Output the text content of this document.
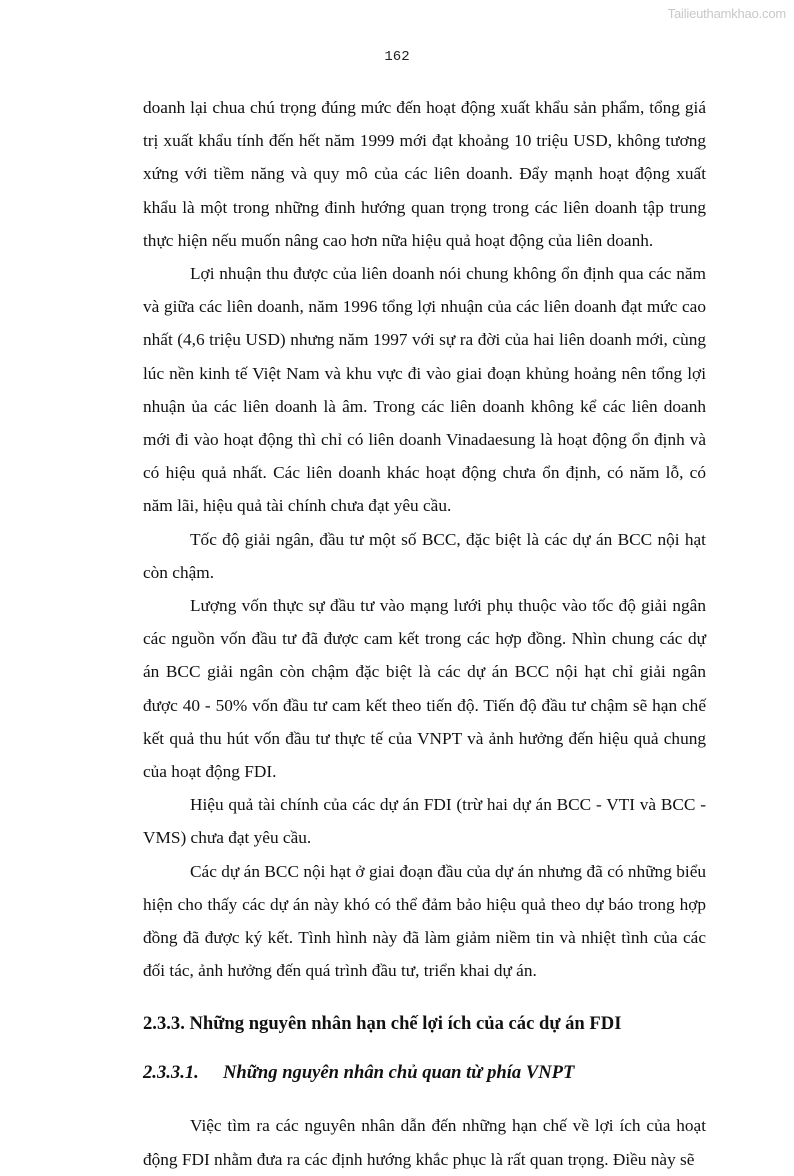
Tailieuthamkhao.com
162

doanh lại chua chú trọng đúng mức đến hoạt động xuất khẩu sản phẩm, tổng giá trị xuất khẩu tính đến hết năm 1999 mới đạt khoảng 10 triệu USD, không tương xứng với tiềm năng và quy mô của các liên doanh. Đẩy mạnh hoạt động xuất khẩu là một trong những đinh hướng quan trọng trong các liên doanh tập trung thực hiện nếu muốn nâng cao hơn nữa hiệu quả hoạt động của liên doanh.

Lợi nhuận thu được của liên doanh nói chung không ổn định qua các năm và giữa các liên doanh, năm 1996 tổng lợi nhuận của các liên doanh đạt mức cao nhất (4,6 triệu USD) nhưng năm 1997 với sự ra đời của hai liên doanh mới, cùng lúc nền kinh tế Việt Nam và khu vực đi vào giai đoạn khủng hoảng nên tổng lợi nhuận ủa các liên doanh là âm. Trong các liên doanh không kể các liên doanh mới đi vào hoạt động thì chỉ có liên doanh Vinadaesung là hoạt động ổn định và có hiệu quả nhất. Các liên doanh khác hoạt động chưa ổn định, có năm lỗ, có năm lãi, hiệu quả tài chính chưa đạt yêu cầu.

Tốc độ giải ngân, đầu tư một số BCC, đặc biệt là các dự án BCC nội hạt còn chậm.

Lượng vốn thực sự đầu tư vào mạng lưới phụ thuộc vào tốc độ giải ngân các nguồn vốn đầu tư đã được cam kết trong các hợp đồng. Nhìn chung các dự án BCC giải ngân còn chậm đặc biệt là các dự án BCC nội hạt chỉ giải ngân được 40 - 50% vốn đầu tư cam kết theo tiến độ. Tiến độ đầu tư chậm sẽ hạn chế kết quả thu hút vốn đầu tư thực tế của VNPT và ảnh hưởng đến hiệu quả chung của hoạt động FDI.

Hiệu quả tài chính của các dự án FDI (trừ hai dự án BCC - VTI và BCC - VMS) chưa đạt yêu cầu.

Các dự án BCC nội hạt ở giai đoạn đầu của dự án nhưng đã có những biểu hiện cho thấy các dự án này khó có thể đảm bảo hiệu quả theo dự báo trong hợp đồng đã được ký kết. Tình hình này đã làm giảm niềm tin và nhiệt tình của các đối tác, ảnh hưởng đến quá trình đầu tư, triển khai dự án.

2.3.3. Những nguyên nhân hạn chế lợi ích của các dự án FDI
2.3.3.1.	Những nguyên nhân chủ quan từ phía VNPT

Việc tìm ra các nguyên nhân dẫn đến những hạn chế về lợi ích của hoạt động FDI nhằm đưa ra các định hướng khắc phục là rất quan trọng. Điều này sẽ
